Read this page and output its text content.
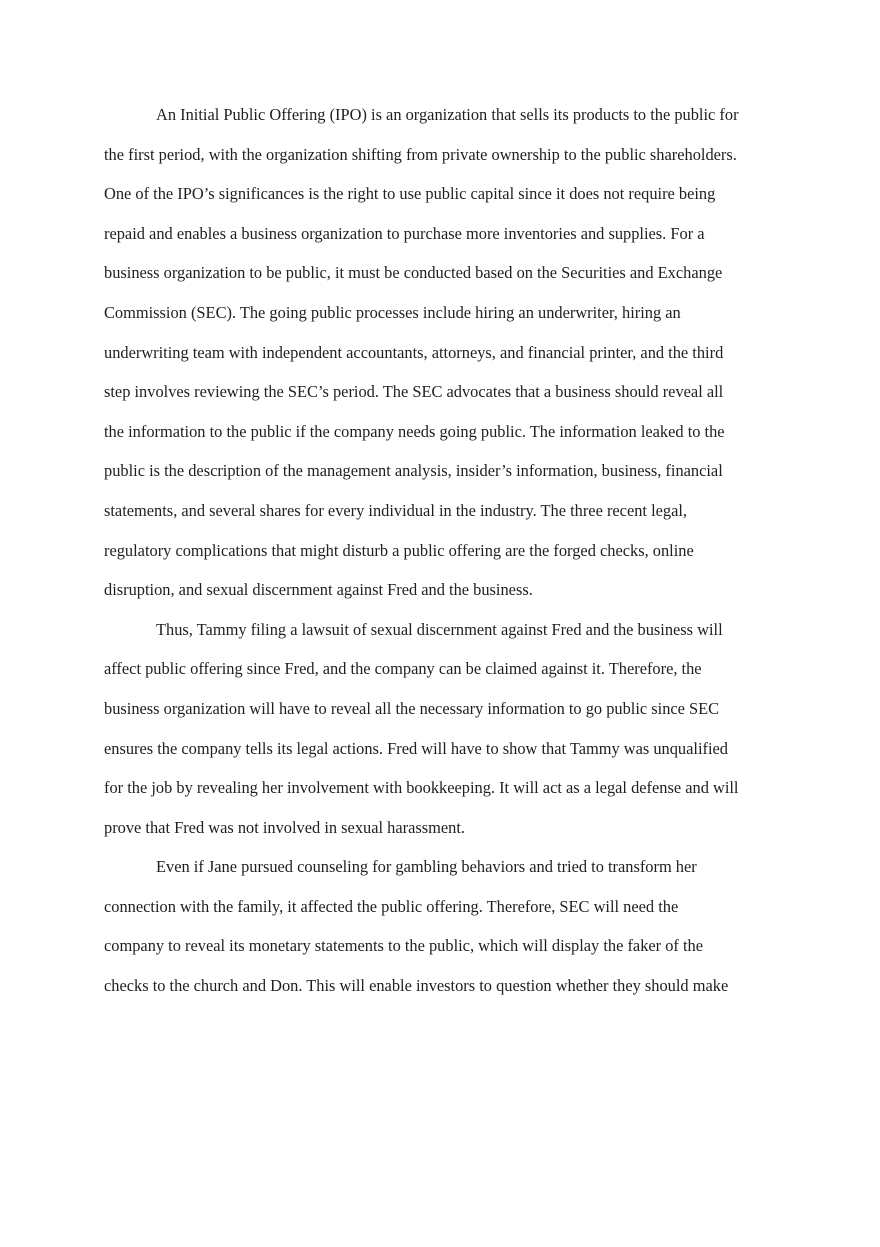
An Initial Public Offering (IPO) is an organization that sells its products to the public for
the first period, with the organization shifting from private ownership to the public shareholders.
One of the IPO’s significances is the right to use public capital since it does not require being
repaid and enables a business organization to purchase more inventories and supplies. For a
business organization to be public, it must be conducted based on the Securities and Exchange
Commission (SEC). The going public processes include hiring an underwriter, hiring an
underwriting team with independent accountants, attorneys, and financial printer, and the third
step involves reviewing the SEC’s period. The SEC advocates that a business should reveal all
the information to the public if the company needs going public. The information leaked to the
public is the description of the management analysis, insider’s information, business, financial
statements, and several shares for every individual in the industry. The three recent legal,
regulatory complications that might disturb a public offering are the forged checks, online
disruption, and sexual discernment against Fred and the business.
Thus, Tammy filing a lawsuit of sexual discernment against Fred and the business will
affect public offering since Fred, and the company can be claimed against it. Therefore, the
business organization will have to reveal all the necessary information to go public since SEC
ensures the company tells its legal actions. Fred will have to show that Tammy was unqualified
for the job by revealing her involvement with bookkeeping. It will act as a legal defense and will
prove that Fred was not involved in sexual harassment.
Even if Jane pursued counseling for gambling behaviors and tried to transform her
connection with the family, it affected the public offering. Therefore, SEC will need the
company to reveal its monetary statements to the public, which will display the faker of the
checks to the church and Don. This will enable investors to question whether they should make
